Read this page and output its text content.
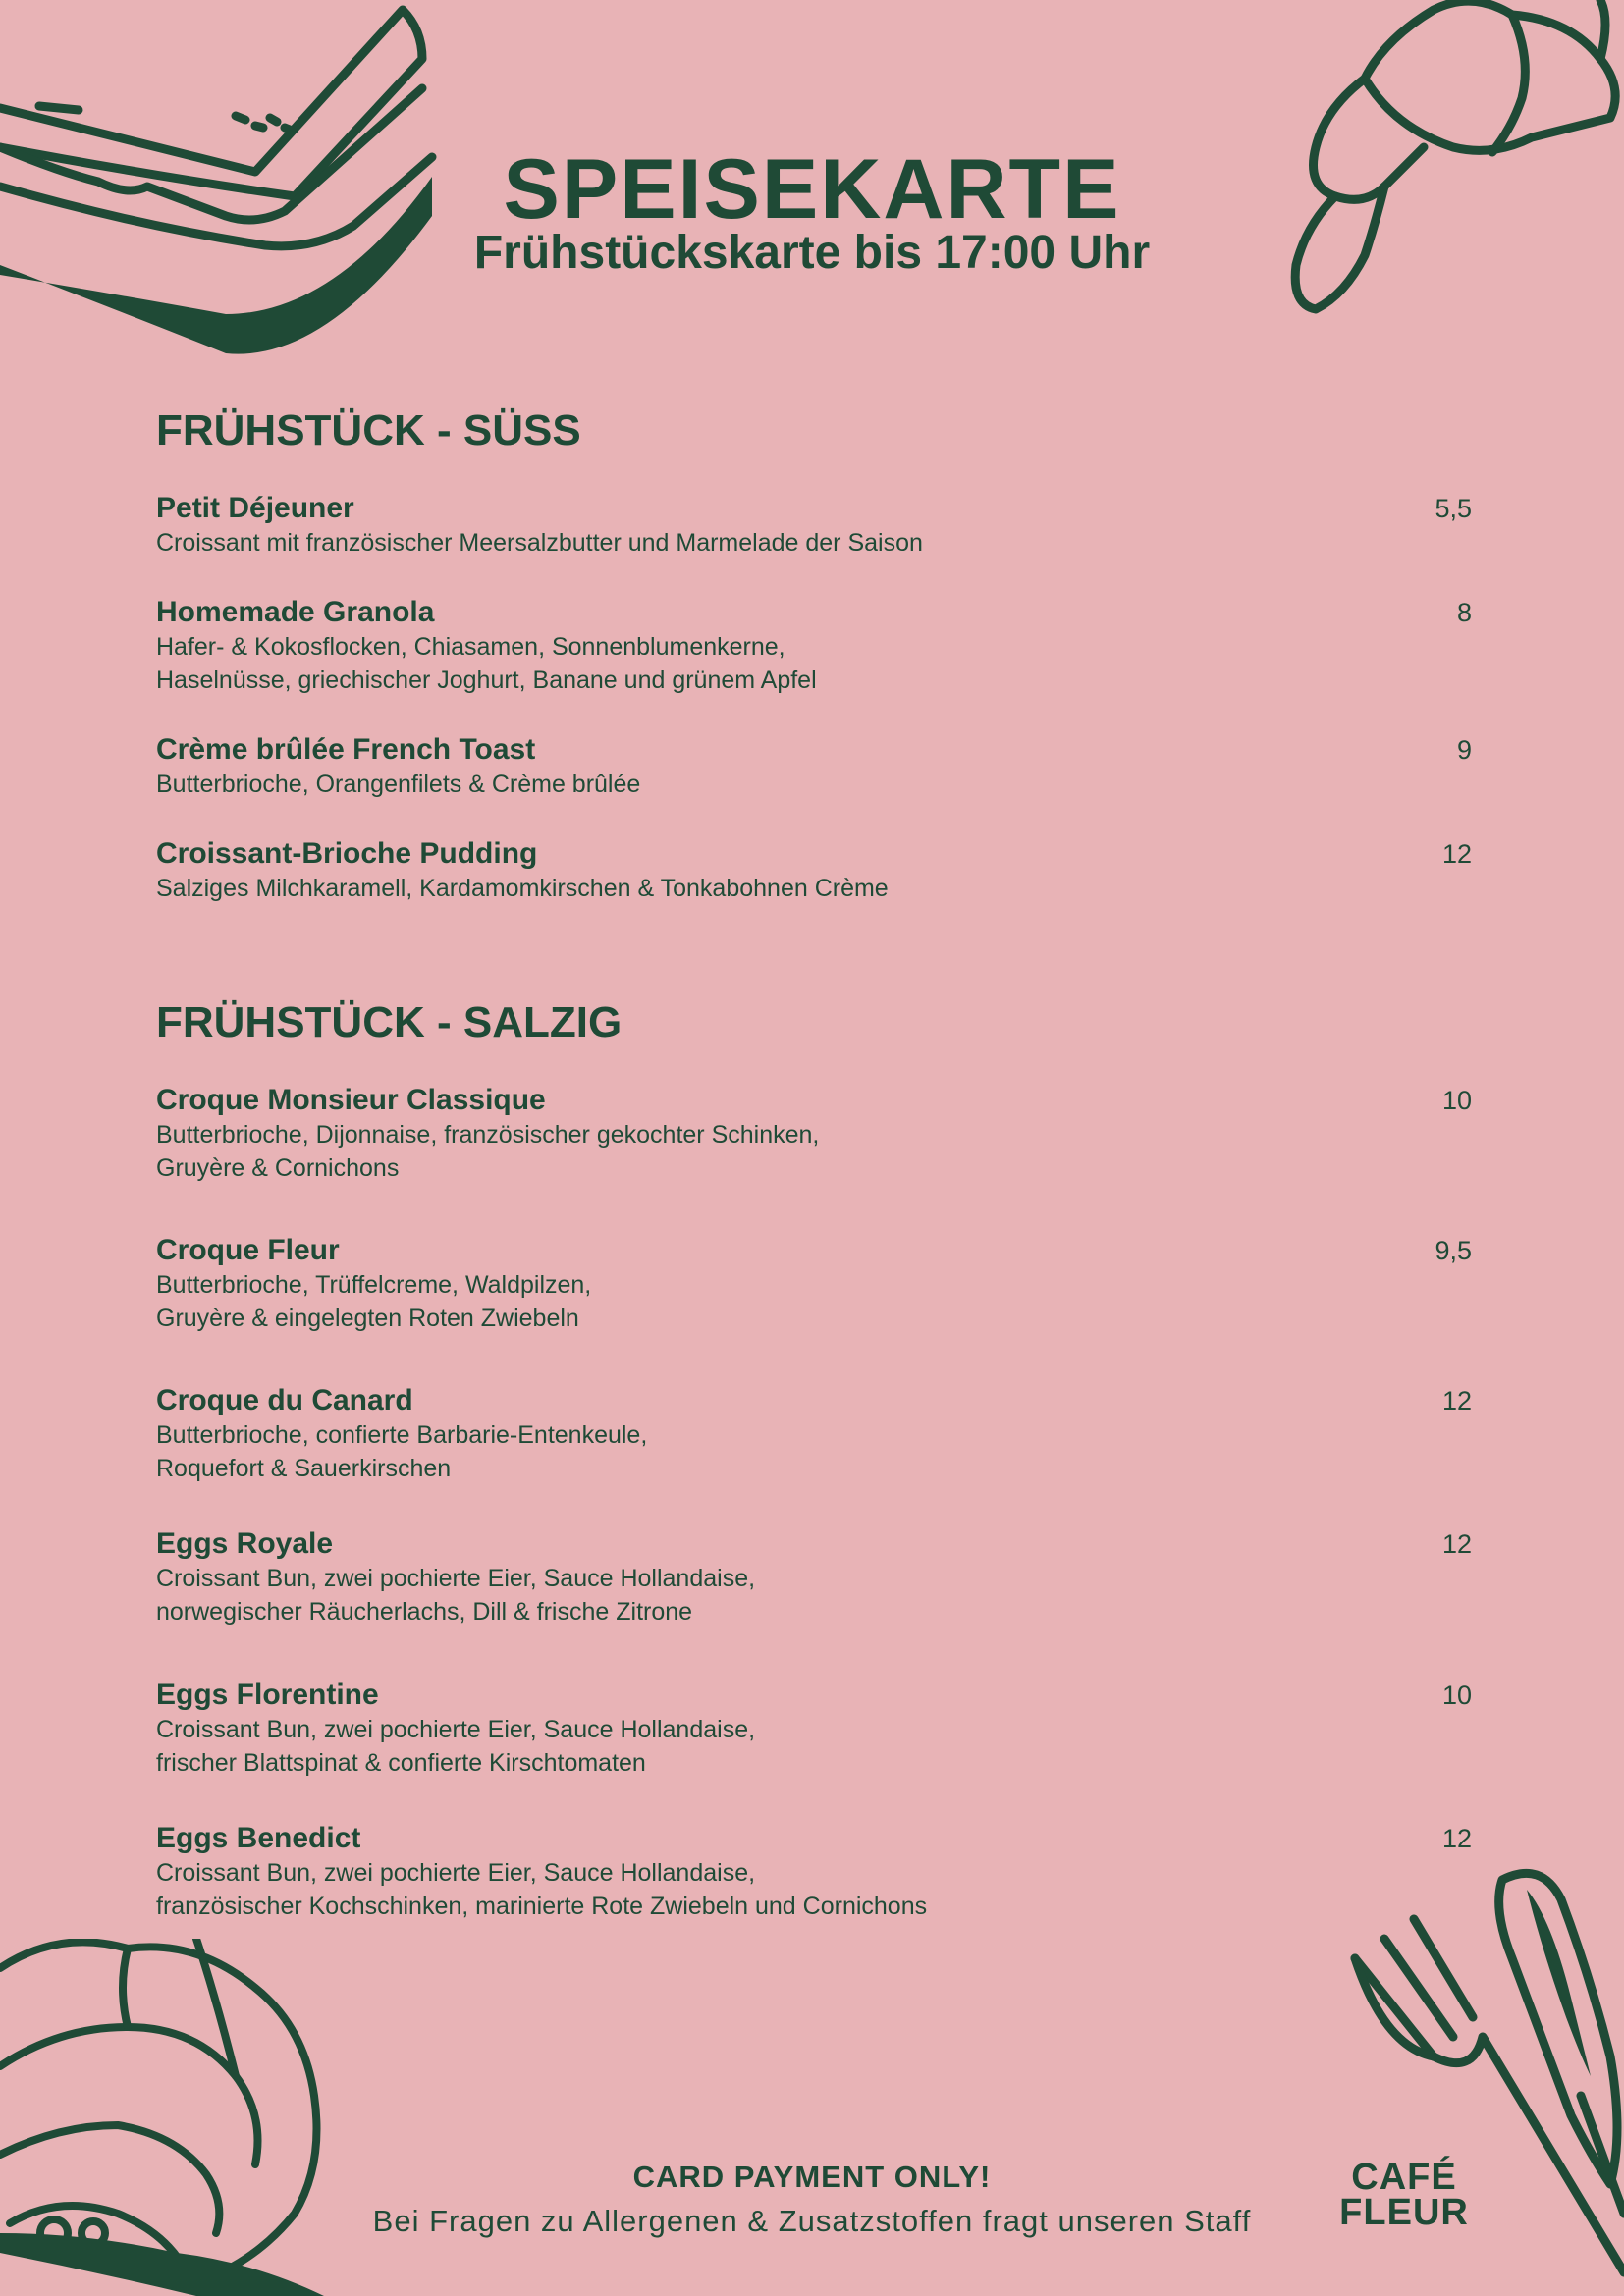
SPEISEKARTE
Frühstückskarte bis 17:00 Uhr
FRÜHSTÜCK - SÜSS
Petit Déjeuner	5,5
Croissant mit französischer Meersalzbutter und Marmelade der Saison
Homemade Granola	8
Hafer- & Kokosflocken, Chiasamen, Sonnenblumenkerne,
Haselnüsse, griechischer Joghurt, Banane und grünem Apfel
Crème brûlée French Toast	9
Butterbrioche, Orangenfilets & Crème brûlée
Croissant-Brioche Pudding	12
Salziges Milchkaramell, Kardamomkirschen & Tonkabohnen Crème
FRÜHSTÜCK - SALZIG
Croque Monsieur Classique	10
Butterbrioche, Dijonnaise, französischer gekochter Schinken,
Gruyère & Cornichons
Croque Fleur	9,5
Butterbrioche, Trüffelcreme, Waldpilzen,
Gruyère & eingelegten Roten Zwiebeln
Croque du Canard	12
Butterbrioche, confierte Barbarie-Entenkeule,
Roquefort & Sauerkirschen
Eggs Royale	12
Croissant Bun, zwei pochierte Eier, Sauce Hollandaise,
norwegischer Räucherlachs, Dill & frische Zitrone
Eggs Florentine	10
Croissant Bun, zwei pochierte Eier, Sauce Hollandaise,
frischer Blattspinat & confierte Kirschtomaten
Eggs Benedict	12
Croissant Bun, zwei pochierte Eier, Sauce Hollandaise,
französischer Kochschinken, marinierte Rote Zwiebeln und Cornichons
CARD PAYMENT ONLY!
Bei Fragen zu Allergenen & Zusatzstoffen fragt unseren Staff
CAFÉ
FLEUR
